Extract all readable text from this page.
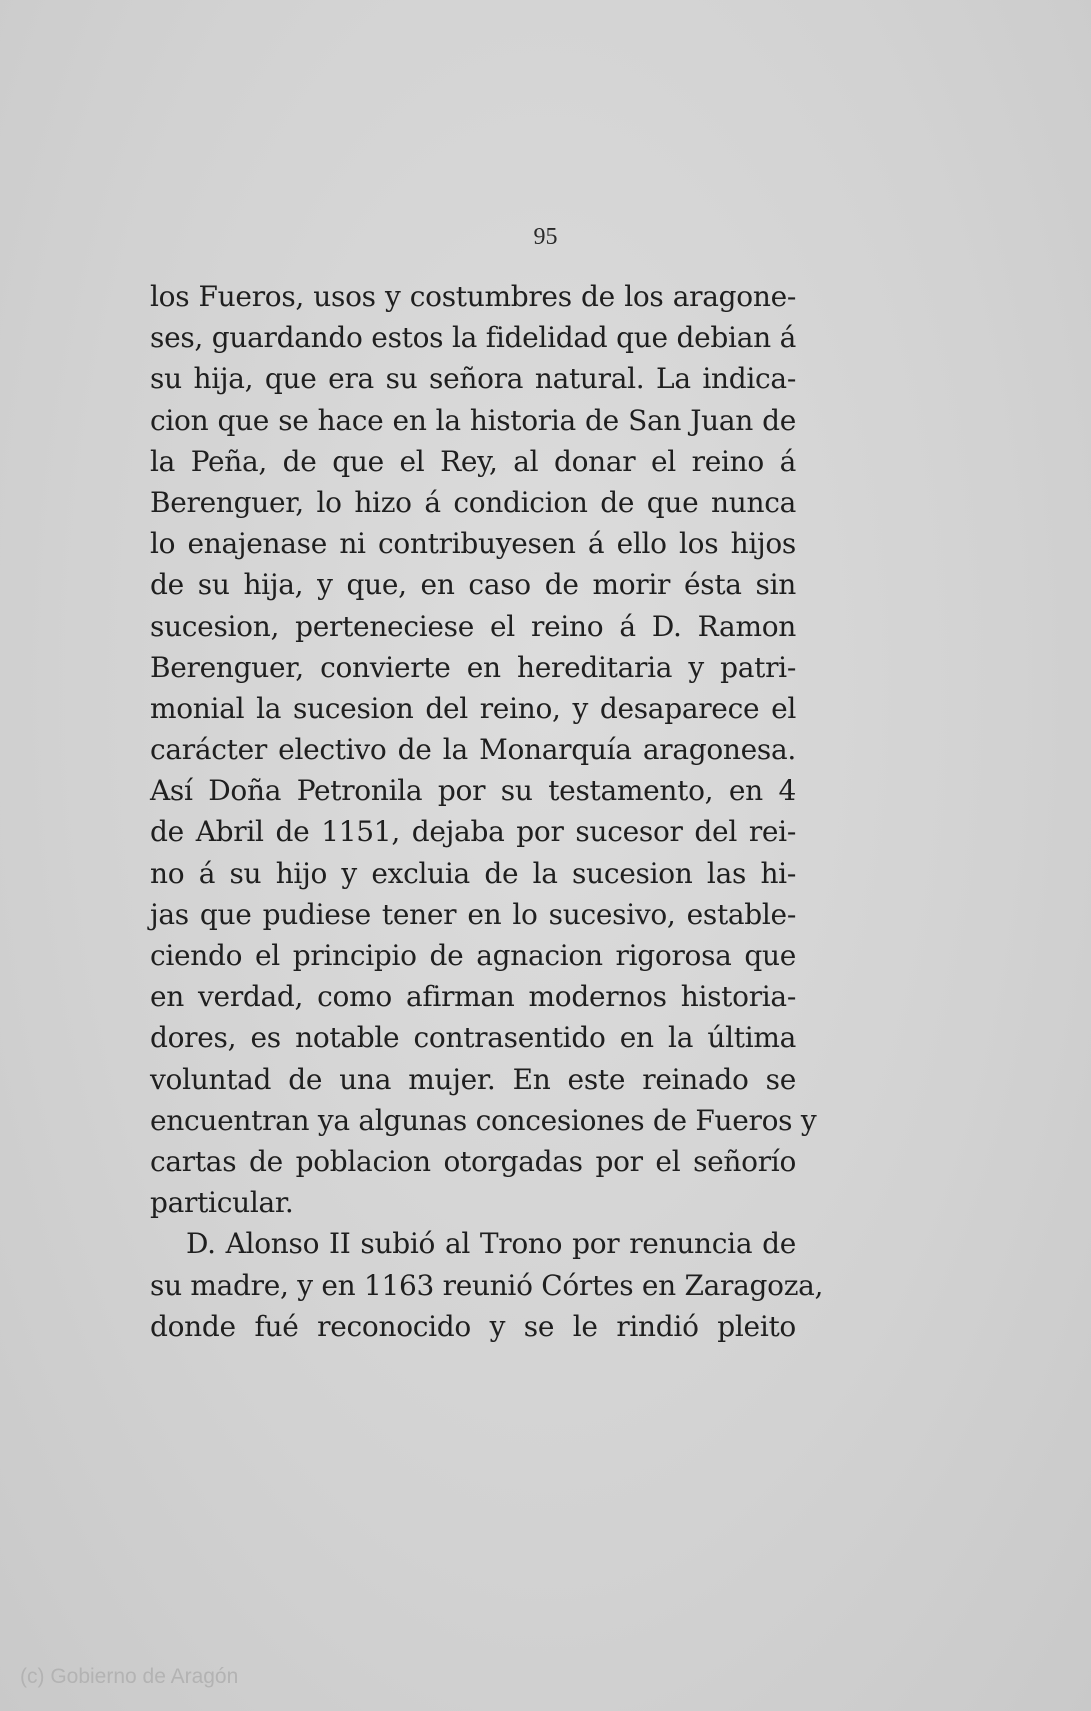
95
los Fueros, usos y costumbres de los aragone-
ses, guardando estos la fidelidad que debian á
su hija, que era su señora natural. La indica-
cion que se hace en la historia de San Juan de
la Peña, de que el Rey, al donar el reino á
Berenguer, lo hizo á condicion de que nunca
lo enajenase ni contribuyesen á ello los hijos
de su hija, y que, en caso de morir ésta sin
sucesion, perteneciese el reino á D. Ramon
Berenguer, convierte en hereditaria y patri-
monial la sucesion del reino, y desaparece el
carácter electivo de la Monarquía aragonesa.
Así Doña Petronila por su testamento, en 4
de Abril de 1151, dejaba por sucesor del rei-
no á su hijo y excluia de la sucesion las hi-
jas que pudiese tener en lo sucesivo, estable-
ciendo el principio de agnacion rigorosa que
en verdad, como afirman modernos historia-
dores, es notable contrasentido en la última
voluntad de una mujer. En este reinado se
encuentran ya algunas concesiones de Fueros y
cartas de poblacion otorgadas por el señorío
particular.
D. Alonso II subió al Trono por renuncia de
su madre, y en 1163 reunió Córtes en Zaragoza,
donde fué reconocido y se le rindió pleito
(c) Gobierno de Aragón
